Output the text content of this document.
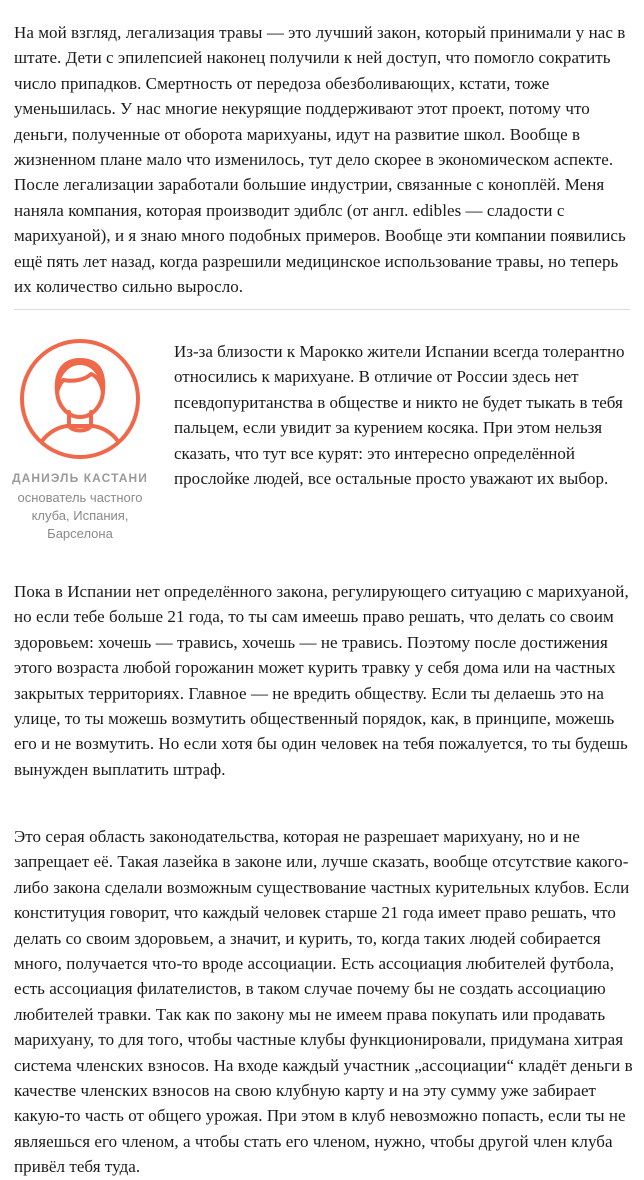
На мой взгляд, легализация травы — это лучший закон, который принимали у нас в штате. Дети с эпилепсией наконец получили к ней доступ, что помогло сократить число припадков. Смертность от передоза обезболивающих, кстати, тоже уменьшилась. У нас многие некурящие поддерживают этот проект, потому что деньги, полученные от оборота марихуаны, идут на развитие школ. Вообще в жизненном плане мало что изменилось, тут дело скорее в экономическом аспекте. После легализации заработали большие индустрии, связанные с коноплёй. Меня наняла компания, которая производит эдиблс (от англ. edibles — сладости с марихуаной), и я знаю много подобных примеров. Вообще эти компании появились ещё пять лет назад, когда разрешили медицинское использование травы, но теперь их количество сильно выросло.

ДАНИЭЛЬ КАСТАНИ
основатель частного клуба, Испания, Барселона

Из-за близости к Марокко жители Испании всегда толерантно относились к марихуане. В отличие от России здесь нет псевдопуританства в обществе и никто не будет тыкать в тебя пальцем, если увидит за курением косяка. При этом нельзя сказать, что тут все курят: это интересно определённой прослойке людей, все остальные просто уважают их выбор.

Пока в Испании нет определённого закона, регулирующего ситуацию с марихуаной, но если тебе больше 21 года, то ты сам имеешь право решать, что делать со своим здоровьем: хочешь — травись, хочешь — не травись. Поэтому после достижения этого возраста любой горожанин может курить травку у себя дома или на частных закрытых территориях. Главное — не вредить обществу. Если ты делаешь это на улице, то ты можешь возмутить общественный порядок, как, в принципе, можешь его и не возмутить. Но если хотя бы один человек на тебя пожалуется, то ты будешь вынужден выплатить штраф.

Это серая область законодательства, которая не разрешает марихуану, но и не запрещает её. Такая лазейка в законе или, лучше сказать, вообще отсутствие какого-либо закона сделали возможным существование частных курительных клубов. Если конституция говорит, что каждый человек старше 21 года имеет право решать, что делать со своим здоровьем, а значит, и курить, то, когда таких людей собирается много, получается что-то вроде ассоциации. Есть ассоциация любителей футбола, есть ассоциация филателистов, в таком случае почему бы не создать ассоциацию любителей травки. Так как по закону мы не имеем права покупать или продавать марихуану, то для того, чтобы частные клубы функционировали, придумана хитрая система членских взносов. На входе каждый участник „ассоциации“ кладёт деньги в качестве членских взносов на свою клубную карту и на эту сумму уже забирает какую-то часть от общего урожая. При этом в клуб невозможно попасть, если ты не являешься его членом, а чтобы стать его членом, нужно, чтобы другой член клуба привёл тебя туда.
